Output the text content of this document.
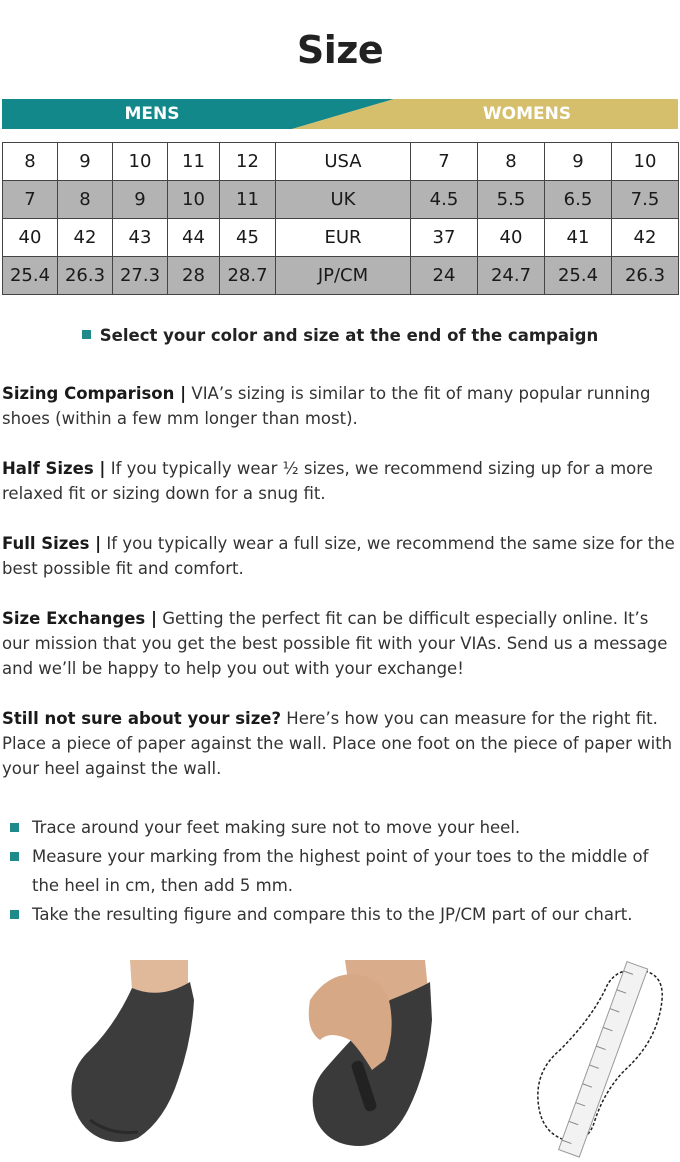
Size
MENS	WOMENS
8	9	10	11	12	USA	7	8	9	10
7	8	9	10	11	UK	4.5	5.5	6.5	7.5
40	42	43	44	45	EUR	37	40	41	42
25.4	26.3	27.3	28	28.7	JP/CM	24	24.7	25.4	26.3
Select your color and size at the end of the campaign
Sizing Comparison | VIA’s sizing is similar to the fit of many popular running shoes (within a few mm longer than most).
Half Sizes | If you typically wear ½ sizes, we recommend sizing up for a more relaxed fit or sizing down for a snug fit.
Full Sizes | If you typically wear a full size, we recommend the same size for the best possible fit and comfort.
Size Exchanges | Getting the perfect fit can be difficult especially online. It’s our mission that you get the best possible fit with your VIAs. Send us a message and we’ll be happy to help you out with your exchange!
Still not sure about your size? Here’s how you can measure for the right fit. Place a piece of paper against the wall. Place one foot on the piece of paper with your heel against the wall.
Trace around your feet making sure not to move your heel.
Measure your marking from the highest point of your toes to the middle of the heel in cm, then add 5 mm.
Take the resulting figure and compare this to the JP/CM part of our chart.
